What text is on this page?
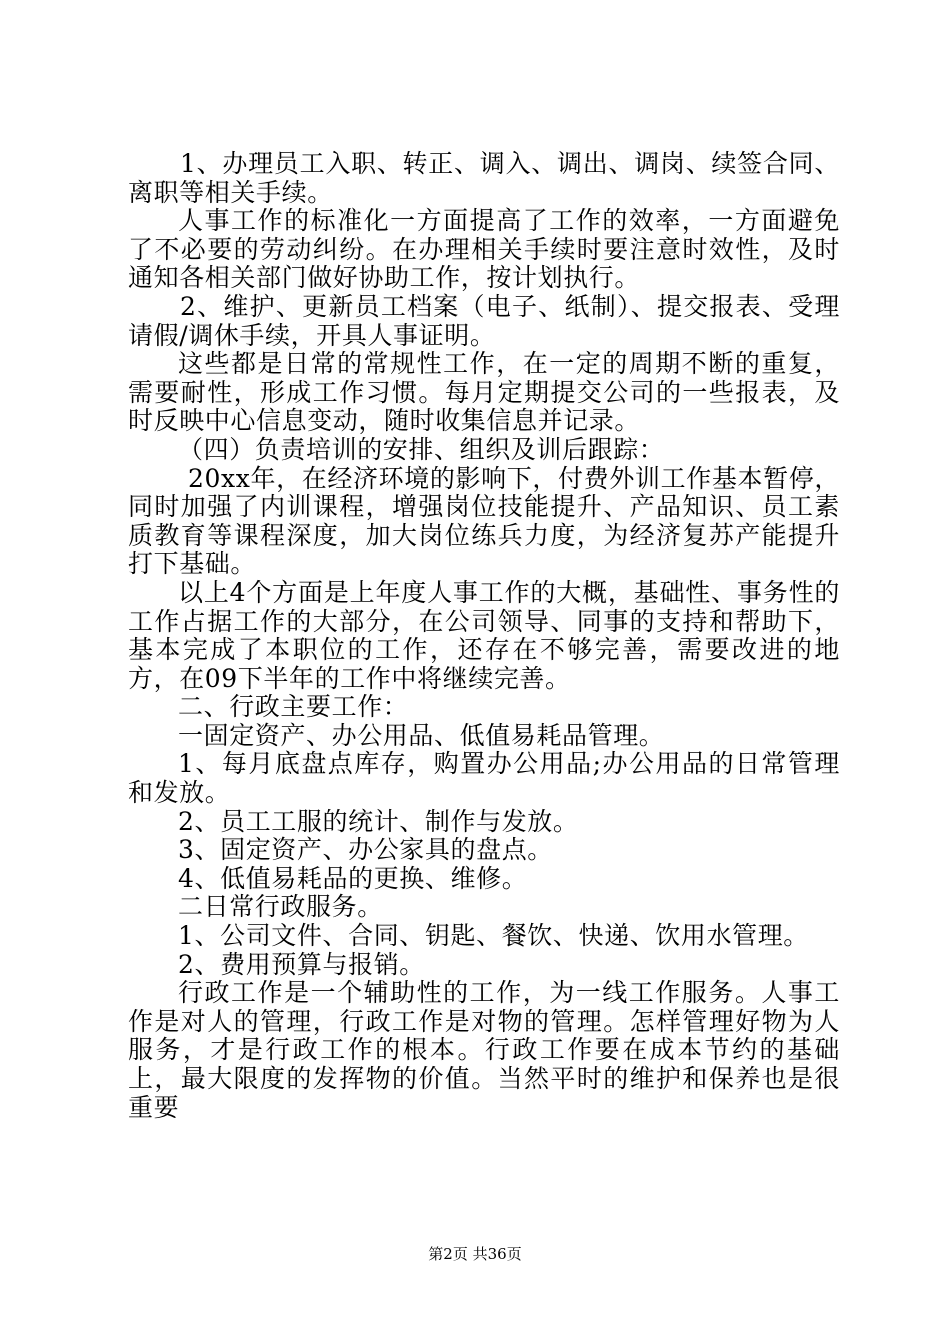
1、办理员工入职、转正、调入、调出、调岗、续签合同、离职等相关手续。

人事工作的标准化一方面提高了工作的效率，一方面避免了不必要的劳动纠纷。在办理相关手续时要注意时效性，及时通知各相关部门做好协助工作，按计划执行。

2、维护、更新员工档案（电子、纸制）、提交报表、受理请假/调休手续，开具人事证明。

这些都是日常的常规性工作，在一定的周期不断的重复，需要耐性，形成工作习惯。每月定期提交公司的一些报表，及时反映中心信息变动，随时收集信息并记录。

（四）负责培训的安排、组织及训后跟踪：

20xx年，在经济环境的影响下，付费外训工作基本暂停，同时加强了内训课程，增强岗位技能提升、产品知识、员工素质教育等课程深度，加大岗位练兵力度，为经济复苏产能提升打下基础。

以上4个方面是上年度人事工作的大概，基础性、事务性的工作占据工作的大部分，在公司领导、同事的支持和帮助下，基本完成了本职位的工作，还存在不够完善，需要改进的地方，在09下半年的工作中将继续完善。

二、行政主要工作：

一固定资产、办公用品、低值易耗品管理。

1、每月底盘点库存，购置办公用品;办公用品的日常管理和发放。

2、员工工服的统计、制作与发放。

3、固定资产、办公家具的盘点。

4、低值易耗品的更换、维修。

二日常行政服务。

1、公司文件、合同、钥匙、餐饮、快递、饮用水管理。

2、费用预算与报销。

行政工作是一个辅助性的工作，为一线工作服务。人事工作是对人的管理，行政工作是对物的管理。怎样管理好物为人服务，才是行政工作的根本。行政工作要在成本节约的基础上，最大限度的发挥物的价值。当然平时的维护和保养也是很重要

第2页 共36页
